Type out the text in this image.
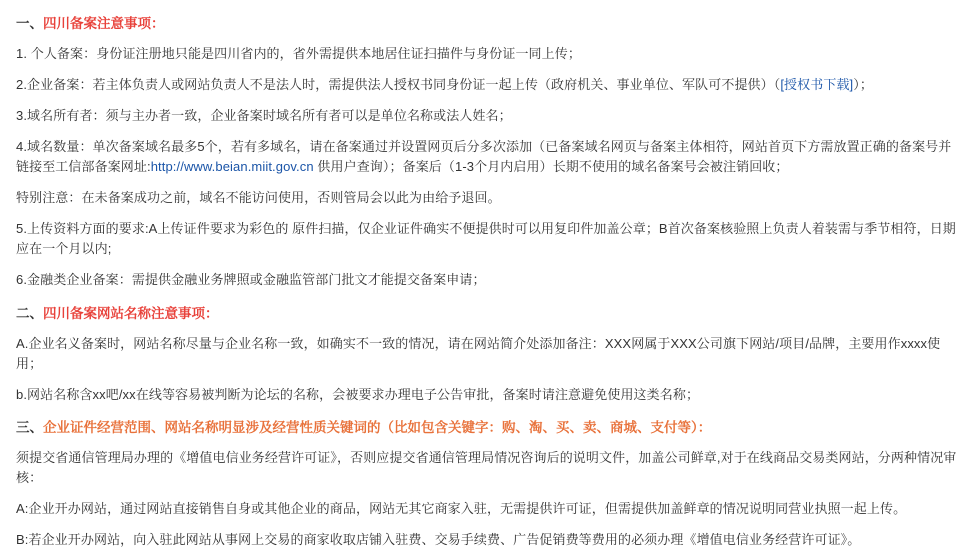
一、四川备案注意事项：

1. 个人备案：身份证注册地只能是四川省内的，省外需提供本地居住证扫描件与身份证一同上传；

2.企业备案：若主体负责人或网站负责人不是法人时，需提供法人授权书同身份证一起上传（政府机关、事业单位、军队可不提供）（[授权书下载]）；

3.域名所有者：须与主办者一致，企业备案时域名所有者可以是单位名称或法人姓名；

4.域名数量：单次备案域名最多5个，若有多域名，请在备案通过并设置网页后分多次添加（已备案域名网页与备案主体相符，网站首页下方需放置正确的备案号并链接至工信部备案网址:http://www.beian.miit.gov.cn 供用户查询）；备案后（1-3个月内启用）长期不使用的域名备案号会被注销回收；

特别注意：在未备案成功之前，域名不能访问使用，否则管局会以此为由给予退回。

5.上传资料方面的要求:A上传证件要求为彩色的 原件扫描，仅企业证件确实不便提供时可以用复印件加盖公章；B首次备案核验照上负责人着装需与季节相符，日期应在一个月以内;

6.金融类企业备案：需提供金融业务牌照或金融监管部门批文才能提交备案申请；

二、四川备案网站名称注意事项：

A.企业名义备案时，网站名称尽量与企业名称一致，如确实不一致的情况，请在网站简介处添加备注：XXX网属于XXX公司旗下网站/项目/品牌，主要用作xxxx使用；

b.网站名称含xx吧/xx在线等容易被判断为论坛的名称，会被要求办理电子公告审批，备案时请注意避免使用这类名称；

三、企业证件经营范围、网站名称明显涉及经营性质关键词的（比如包含关键字：购、淘、买、卖、商城、支付等）：

须提交省通信管理局办理的《增值电信业务经营许可证》，否则应提交省通信管理局情况咨询后的说明文件，加盖公司鲜章,对于在线商品交易类网站，分两种情况审核：

A:企业开办网站，通过网站直接销售自身或其他企业的商品，网站无其它商家入驻，无需提供许可证，但需提供加盖鲜章的情况说明同营业执照一起上传。

B:若企业开办网站，向入驻此网站从事网上交易的商家收取店铺入驻费、交易手续费、广告促销费等费用的必须办理《增值电信业务经营许可证》。
